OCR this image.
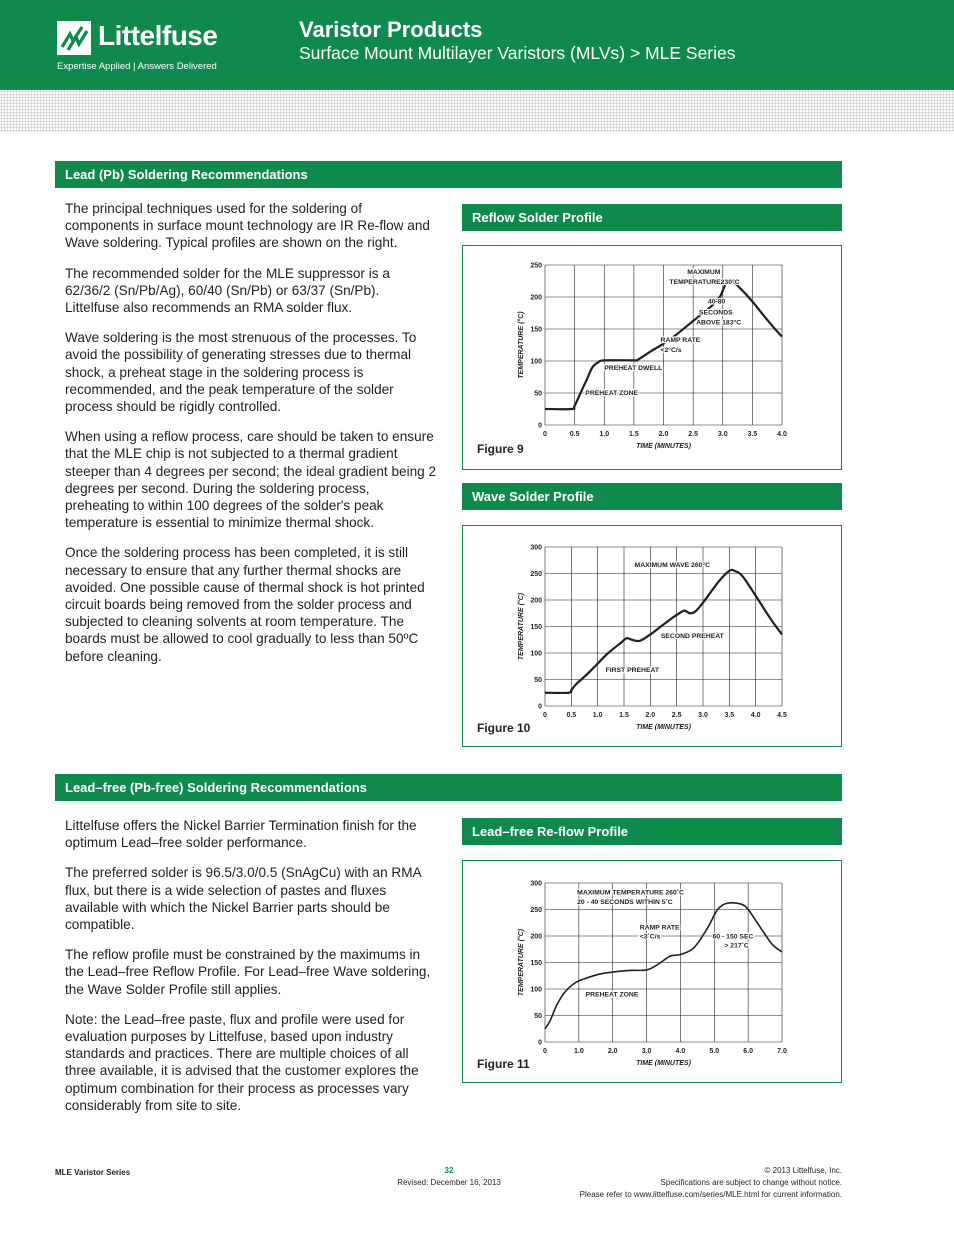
Littelfuse
Expertise Applied | Answers Delivered
Varistor Products
Surface Mount Multilayer Varistors (MLVs) > MLE Series
Lead (Pb) Soldering Recommendations

The principal techniques used for the soldering of components in surface mount technology are IR Re-flow and Wave soldering. Typical profiles are shown on the right.

The recommended solder for the MLE suppressor is a 62/36/2 (Sn/Pb/Ag), 60/40 (Sn/Pb) or 63/37 (Sn/Pb). Littelfuse also recommends an RMA solder flux.

Wave soldering is the most strenuous of the processes. To avoid the possibility of generating stresses due to thermal shock, a preheat stage in the soldering process is recommended, and the peak temperature of the solder process should be rigidly controlled.

When using a reflow process, care should be taken to ensure that the MLE chip is not subjected to a thermal gradient steeper than 4 degrees per second; the ideal gradient being 2 degrees per second. During the soldering process, preheating to within 100 degrees of the solder's peak temperature is essential to minimize thermal shock.

Once the soldering process has been completed, it is still necessary to ensure that any further thermal shocks are avoided. One possible cause of thermal shock is hot printed circuit boards being removed from the solder process and subjected to cleaning solvents at room temperature. The boards must be allowed to cool gradually to less than 50ºC before cleaning.

Reflow Solder Profile
0	0.5	1.0	1.5	2.0	2.5	3.0	3.5	4.0
0
50
100
150
200
250
TIME (MINUTES)
TEMPERATURE (°C)
MAXIMUM
TEMPERATURE230°C
40-80
SECONDS
ABOVE 183°C
RAMP RATE
<2°C/s
PREHEAT DWELL
PREHEAT ZONE
Figure 9
Wave Solder Profile
0	0.5 1.0 1.5 2.0 2.5 3.0 3.5 4.0 4.5
0
50
100
150
200
250
300
TIME (MINUTES)
TEMPERATURE (°C)
MAXIMUM WAVE 260°C
SECOND PREHEAT
FIRST PREHEAT
Figure 10
Lead–free (Pb-free) Soldering Recommendations

Littelfuse offers the Nickel Barrier Termination finish for the optimum Lead–free solder performance.

The preferred solder is 96.5/3.0/0.5 (SnAgCu) with an RMA flux, but there is a wide selection of pastes and fluxes available with which the Nickel Barrier parts should be compatible.

The reflow profile must be constrained by the maximums in the Lead–free Reflow Profile. For Lead–free Wave soldering, the Wave Solder Profile still applies.

Note: the Lead–free paste, flux and profile were used for evaluation purposes by Littelfuse, based upon industry standards and practices. There are multiple choices of all three available, it is advised that the customer explores the optimum combination for their process as processes vary considerably from site to site.

Lead–free Re-flow Profile
0	1.0	2.0	3.0	4.0	5.0	6.0	7.0
0
50
100
150
200
250
300
TIME (MINUTES)
TEMPERATURE (°C)
MAXIMUM TEMPERATURE 260˚C
20 - 40 SECONDS WITHIN 5˚C
RAMP RATE
<3˚C/s	60 - 150 SEC
> 217˚C
PREHEAT ZONE
Figure 11
MLE Varistor Series	32
Revised: December 16, 2013
© 2013 Littelfuse, Inc.
Specifications are subject to change without notice.
Please refer to www.littelfuse.com/series/MLE.html for current information.
